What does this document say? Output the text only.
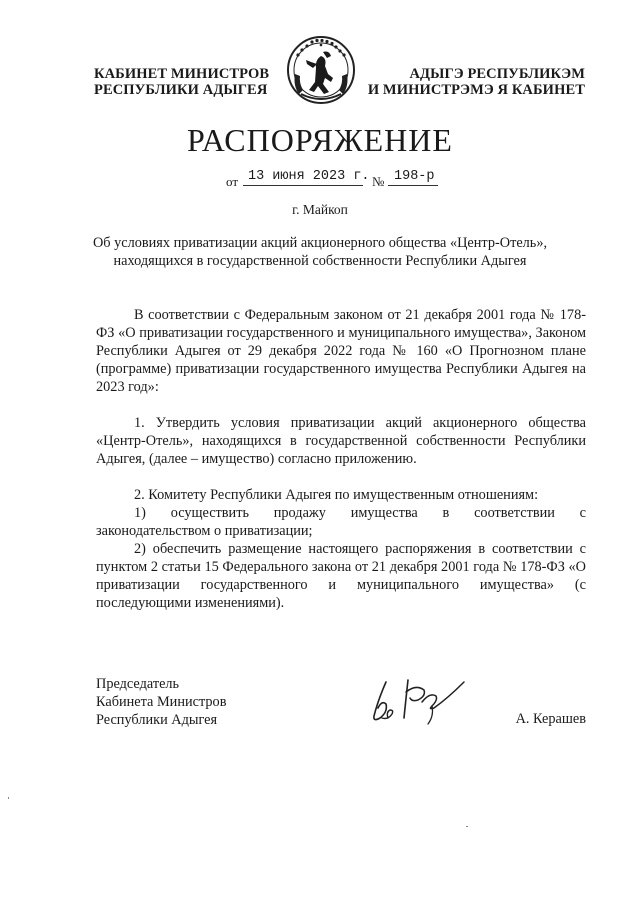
КАБИНЕТ МИНИСТРОВ
РЕСПУБЛИКИ АДЫГЕЯ
АДЫГЭ РЕСПУБЛИКЭМ
И МИНИСТРЭМЭ Я КАБИНЕТ
РАСПОРЯЖЕНИЕ
от 13 июня 2023 г. № 198-р
г. Майкоп
Об условиях приватизации акций акционерного общества «Центр-Отель»,
находящихся в государственной собственности Республики Адыгея

В соответствии с Федеральным законом от 21 декабря 2001 года № 178-ФЗ «О приватизации государственного и муниципального имущества», Законом Республики Адыгея от 29 декабря 2022 года № 160 «О Прогнозном плане (программе) приватизации государственного имущества Республики Адыгея на 2023 год»:

1. Утвердить условия приватизации акций акционерного общества «Центр-Отель», находящихся в государственной собственности Республики Адыгея, (далее – имущество) согласно приложению.

2. Комитету Республики Адыгея по имущественным отношениям:

1) осуществить продажу имущества в соответствии с

законодательством о приватизации;

2) обеспечить размещение настоящего распоряжения в соответствии с пунктом 2 статьи 15 Федерального закона от 21 декабря 2001 года № 178-ФЗ «О приватизации государственного и муниципального имущества» (с последующими изменениями).

Председатель
Кабинета Министров
Республики Адыгея	А. Керашев
